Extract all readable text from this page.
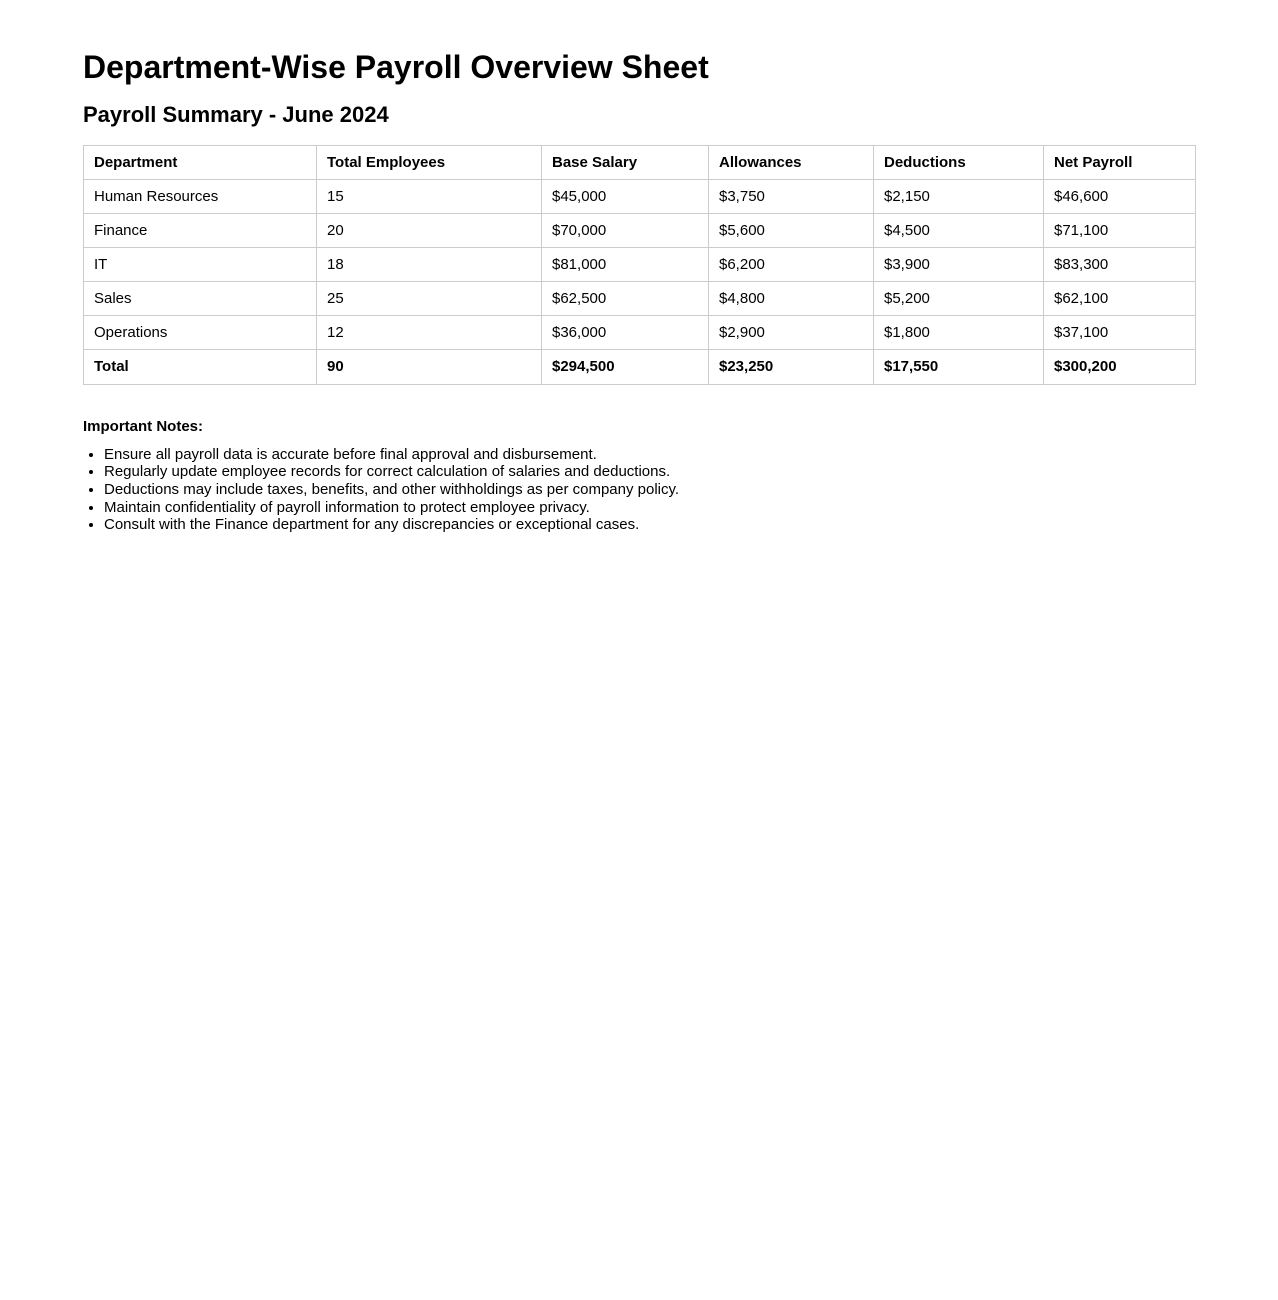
Department-Wise Payroll Overview Sheet
Payroll Summary - June 2024
Department	Total Employees	Base Salary	Allowances	Deductions	Net Payroll
Human Resources	15	$45,000	$3,750	$2,150	$46,600
Finance	20	$70,000	$5,600	$4,500	$71,100
IT	18	$81,000	$6,200	$3,900	$83,300
Sales	25	$62,500	$4,800	$5,200	$62,100
Operations	12	$36,000	$2,900	$1,800	$37,100
Total	90	$294,500	$23,250	$17,550	$300,200
Important Notes:
• Ensure all payroll data is accurate before final approval and disbursement.
• Regularly update employee records for correct calculation of salaries and deductions.
• Deductions may include taxes, benefits, and other withholdings as per company policy.
• Maintain confidentiality of payroll information to protect employee privacy.
• Consult with the Finance department for any discrepancies or exceptional cases.
